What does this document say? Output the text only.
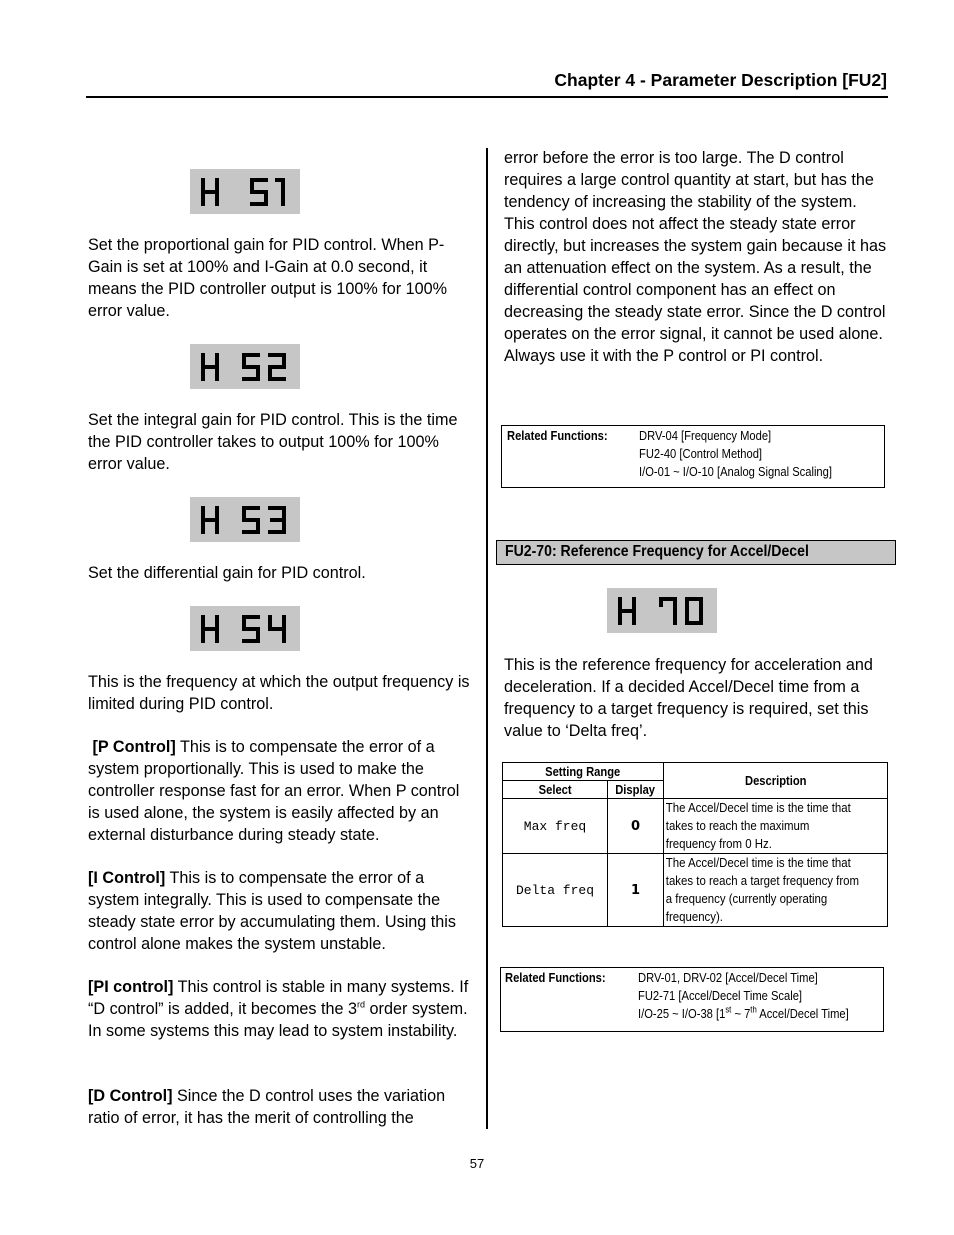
Chapter 4 - Parameter Description [FU2]

Set the proportional gain for PID control. When P-Gain is set at 100% and I-Gain at 0.0 second, it means the PID controller output is 100% for 100% error value.

Set the integral gain for PID control. This is the time the PID controller takes to output 100% for 100% error value.

Set the differential gain for PID control.

This is the frequency at which the output frequency is limited during PID control.

[P Control] This is to compensate the error of a system proportionally. This is used to make the controller response fast for an error. When P control is used alone, the system is easily affected by an external disturbance during steady state.

[I Control] This is to compensate the error of a system integrally. This is used to compensate the steady state error by accumulating them. Using this control alone makes the system unstable.

[PI control] This control is stable in many systems. If “D control” is added, it becomes the 3rd order system. In some systems this may lead to system instability.

[D Control] Since the D control uses the variation ratio of error, it has the merit of controlling the

error before the error is too large. The D control requires a large control quantity at start, but has the tendency of increasing the stability of the system. This control does not affect the steady state error directly, but increases the system gain because it has an attenuation effect on the system. As a result, the differential control component has an effect on decreasing the steady state error. Since the D control operates on the error signal, it cannot be used alone. Always use it with the P control or PI control.

Related Functions: DRV-04 [Frequency Mode]
FU2-40 [Control Method]
I/O-01 ~ I/O-10 [Analog Signal Scaling]
FU2-70: Reference Frequency for Accel/Decel

This is the reference frequency for acceleration and deceleration. If a decided Accel/Decel time from a frequency to a target frequency is required, set this value to ‘Delta freq’.

Setting Range		Description
Select	Display	
Max freq	0	The Accel/Decel time is the time that
takes to reach the maximum
frequency from 0 Hz.

Delta freq	1	The Accel/Decel time is the time that
takes to reach a target frequency from
a frequency (currently operating
frequency).
Related Functions: DRV-01, DRV-02 [Accel/Decel Time]
FU2-71 [Accel/Decel Time Scale]
I/O-25 ~ I/O-38 [1st ~ 7th Accel/Decel Time]
57
